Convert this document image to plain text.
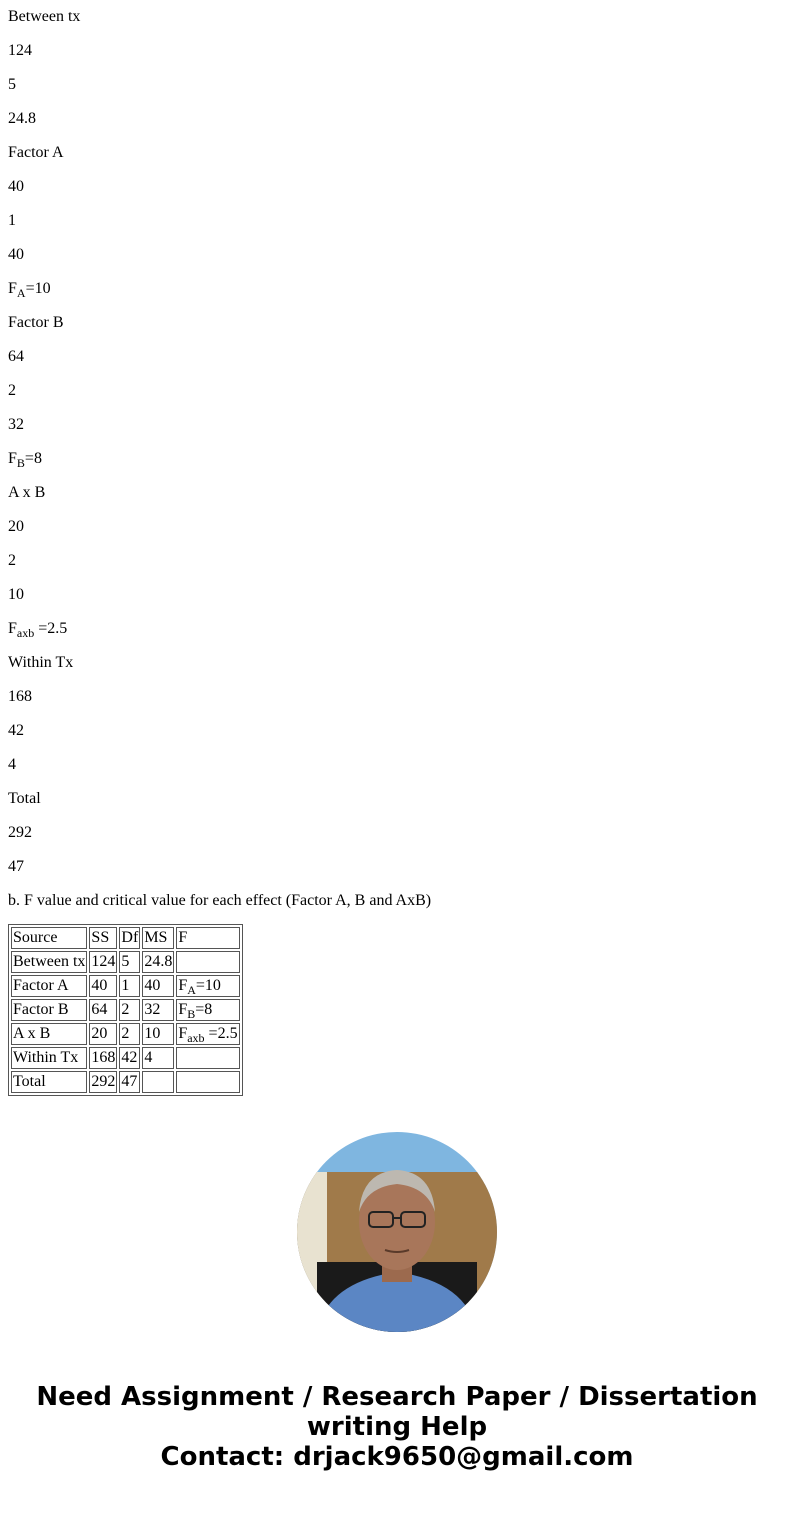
Between tx

124

5

24.8

Factor A

40

1

40

$F_A=10$

Factor B

64

2

32

$F_B=8$

A x B

20

2

10

$F_{axb} =2.5$

Within Tx

168

42

4

Total

292

47

b. F value and critical value for each effect (Factor A, B and AxB)

Source	SS	Df	MS	F
Between tx	124	5	24.8	
Factor A	40	1	40	$F_A=10$
Factor B	64	2	32	$F_B=8$
A x B	20	2	10	$F_{axb} =2.5$
Within Tx	168	42	4	
Total	292	47		
Need Assignment / Research Paper / Dissertation
writing Help
Contact: drjack9650@gmail.com
